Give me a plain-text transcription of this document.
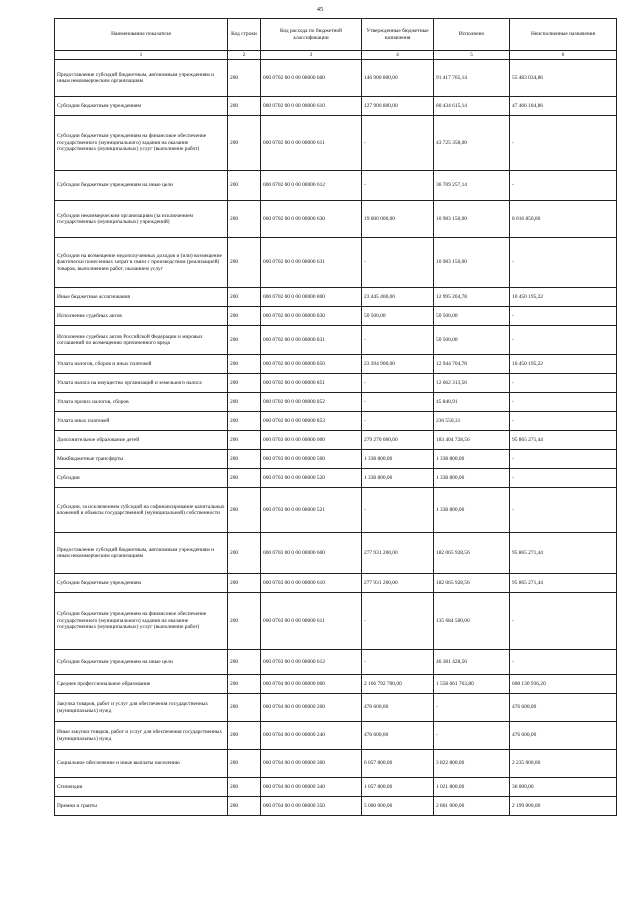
45
Наименование показателя	Код строки	Код расхода по бюджетной классификации	Утвержденные бюджетные назначения	Исполнено	Неисполненные назначения
1	2	3	4	5	6
Предоставление субсидий бюджетным, автономным учреждениям и иным некоммерческим организациям	200	000 0702 00 0 00 00000 600	146 900 800,00	91 417 765,14	55 483 034,86
Субсидии бюджетным учреждениям	200	000 0702 00 0 00 00000 610	127 900 800,00	80 434 615,14	47 466 184,86
Субсидии бюджетным учреждениям на финансовое обеспечение государственного (муниципального) задания на оказание государственных (муниципальных) услуг (выполнение работ)	200	000 0702 00 0 00 00000 611	-	43 725 358,00	-
Субсидии бюджетным учреждениям на иные цели	200	000 0702 00 0 00 00000 612	-	36 709 257,14	-
Субсидии некоммерческим организациям (за исключением государственных (муниципальных) учреждений)	200	000 0702 00 0 00 00000 630	19 000 000,00	10 983 150,00	8 016 850,00
Субсидии на возмещение недополученных доходов и (или) возмещение фактически понесенных затрат в связи с производством (реализацией) товаров, выполнением работ, оказанием услуг	200	000 0702 00 0 00 00000 631	-	10 983 150,00	-
Иные бюджетные ассигнования	200	000 0702 00 0 00 00000 800	23 445 400,00	12 995 204,78	10 450 195,22
Исполнение судебных актов	200	000 0702 00 0 00 00000 830	50 500,00	50 500,00	-
Исполнение судебных актов Российской Федерации и мировых соглашений по возмещению причиненного вреда	200	000 0702 00 0 00 00000 831	-	50 500,00	-
Уплата налогов, сборов и иных платежей	200	000 0702 00 0 00 00000 850	23 394 900,00	12 944 704,78	10 450 195,22
Уплата налога на имущество организаций и земельного налога	200	000 0702 00 0 00 00000 851	-	12 662 313,56	-
Уплата прочих налогов, сборов	200	000 0702 00 0 00 00000 852	-	45 840,91	-
Уплата иных платежей	200	000 0702 00 0 00 00000 853	-	236 550,31	-
Дополнительное образование детей	200	000 0703 00 0 00 00000 000	279 270 000,00	183 404 728,56	95 865 271,44
Межбюджетные трансферты	200	000 0703 00 0 00 00000 500	1 338 800,00	1 338 800,00	-
Субсидии	200	000 0703 00 0 00 00000 520	1 338 800,00	1 338 800,00	-
Субсидии, за исключением субсидий на софинансирование капитальных вложений в объекты государственной (муниципальной) собственности	200	000 0703 00 0 00 00000 521	-	1 338 800,00	-
Предоставление субсидий бюджетным, автономным учреждениям и иным некоммерческим организациям	200	000 0703 00 0 00 00000 600	277 931 200,00	182 065 928,56	95 865 271,44
Субсидии бюджетным учреждениям	200	000 0703 00 0 00 00000 610	277 931 200,00	182 065 928,56	95 865 271,44
Субсидии бюджетным учреждениям на финансовое обеспечение государственного (муниципального) задания на оказание государственных (муниципальных) услуг (выполнение работ)	200	000 0703 00 0 00 00000 611	-	135 684 500,00	-
Субсидии бюджетным учреждениям на иные цели	200	000 0703 00 0 00 00000 612	-	46 381 428,56	-
Среднее профессиональное образование	200	000 0704 00 0 00 00000 000	2 166 792 700,00	1 558 661 763,80	608 130 936,20
Закупка товаров, работ и услуг для обеспечения государственных (муниципальных) нужд	200	000 0704 00 0 00 00000 200	476 600,00	-	476 600,00
Иные закупки товаров, работ и услуг для обеспечения государственных (муниципальных) нужд	200	000 0704 00 0 00 00000 240	476 600,00	-	476 600,00
Социальное обеспечение и иные выплаты населению	200	000 0704 00 0 00 00000 300	6 057 800,00	3 822 800,00	2 235 000,00
Стипендии	200	000 0704 00 0 00 00000 340	1 057 800,00	1 021 800,00	36 000,00
Премии и гранты	200	000 0704 00 0 00 00000 350	5 000 000,00	2 801 000,00	2 199 000,00
